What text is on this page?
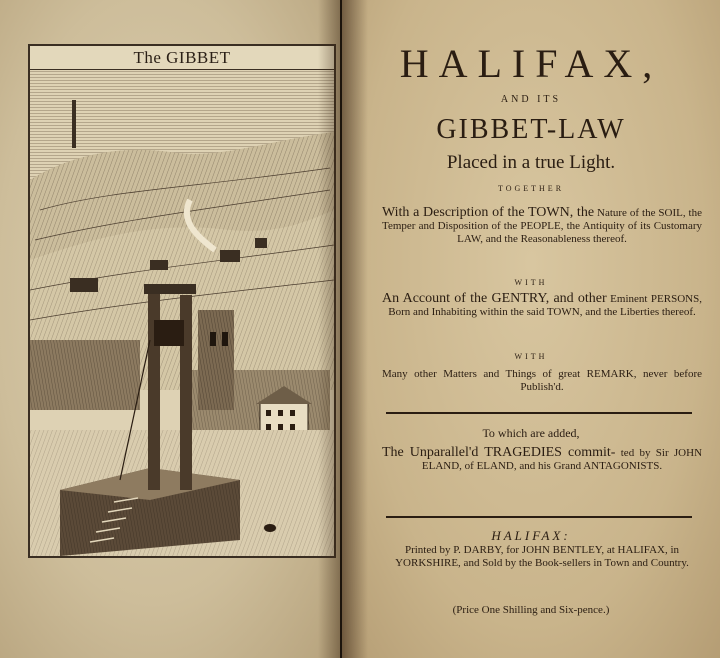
The GIBBET	HALIFAX,
AND ITS
GIBBET-LAW
Placed in a true Light.
TOGETHER
With a Description of the TOWN, the Nature of the SOIL, the Temper and Disposition of the PEOPLE, the Antiquity of its Customary LAW, and the Reasonableness thereof.
WITH
An Account of the GENTRY, and other Eminent PERSONS, Born and Inhabiting within the said TOWN, and the Liberties thereof.
WITH
Many other Matters and Things of great REMARK, never before Publish'd.
To which are added,
The Unparallel'd TRAGEDIES commit- ted by Sir JOHN ELAND, of ELAND, and his Grand ANTAGONISTS.
HALIFAX:
Printed by P. DARBY, for JOHN BENTLEY, at HALIFAX, in YORKSHIRE, and Sold by the Book-sellers in Town and Country.
(Price One Shilling and Six-pence.)
